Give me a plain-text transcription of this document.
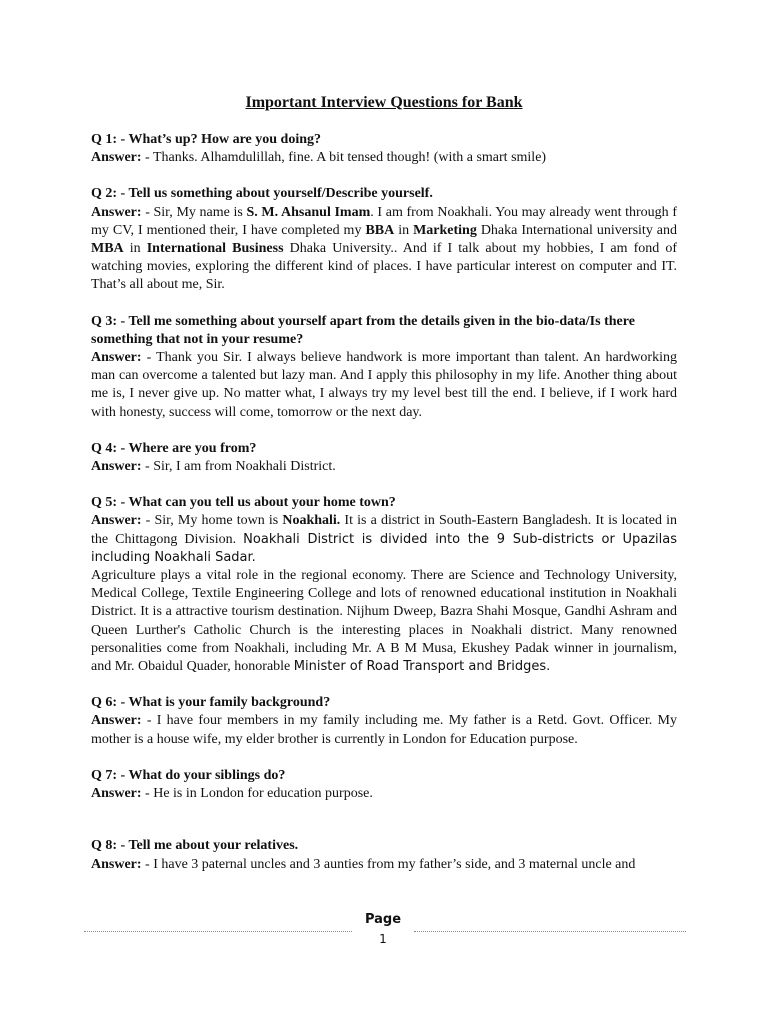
Important Interview Questions for Bank
Q 1: - What’s up? How are you doing?
Answer: - Thanks. Alhamdulillah, fine. A bit tensed though! (with a smart smile)
Q 2: - Tell us something about yourself/Describe yourself.
Answer: - Sir, My name is S. M. Ahsanul Imam. I am from Noakhali. You may already went through f my CV, I mentioned their, I have completed my BBA in Marketing Dhaka International university and MBA in International Business Dhaka University.. And if I talk about my hobbies, I am fond of watching movies, exploring the different kind of places. I have particular interest on computer and IT. That’s all about me, Sir.
Q 3: - Tell me something about yourself apart from the details given in the bio-data/Is there something that not in your resume?
Answer: - Thank you Sir. I always believe handwork is more important than talent. An hardworking man can overcome a talented but lazy man. And I apply this philosophy in my life. Another thing about me is, I never give up. No matter what, I always try my level best till the end. I believe, if I work hard with honesty, success will come, tomorrow or the next day.
Q 4: - Where are you from?
Answer: - Sir, I am from Noakhali District.
Q 5: - What can you tell us about your home town?
Answer: - Sir, My home town is Noakhali. It is a district in South-Eastern Bangladesh. It is located in the Chittagong Division. Noakhali District is divided into the 9 Sub-districts or Upazilas including Noakhali Sadar.
Agriculture plays a vital role in the regional economy. There are Science and Technology University, Medical College, Textile Engineering College and lots of renowned educational institution in Noakhali District. It is a attractive tourism destination. Nijhum Dweep, Bazra Shahi Mosque, Gandhi Ashram and Queen Lurther's Catholic Church is the interesting places in Noakhali district. Many renowned personalities come from Noakhali, including Mr. A B M Musa, Ekushey Padak winner in journalism, and Mr. Obaidul Quader, honorable Minister of Road Transport and Bridges.
Q 6: - What is your family background?
Answer: - I have four members in my family including me. My father is a Retd. Govt. Officer. My mother is a house wife, my elder brother is currently in London for Education purpose.
Q 7: - What do your siblings do?
Answer: - He is in London for education purpose.
Q 8: - Tell me about your relatives.
Answer: - I have 3 paternal uncles and 3 aunties from my father’s side, and 3 maternal uncle and
Page
1
